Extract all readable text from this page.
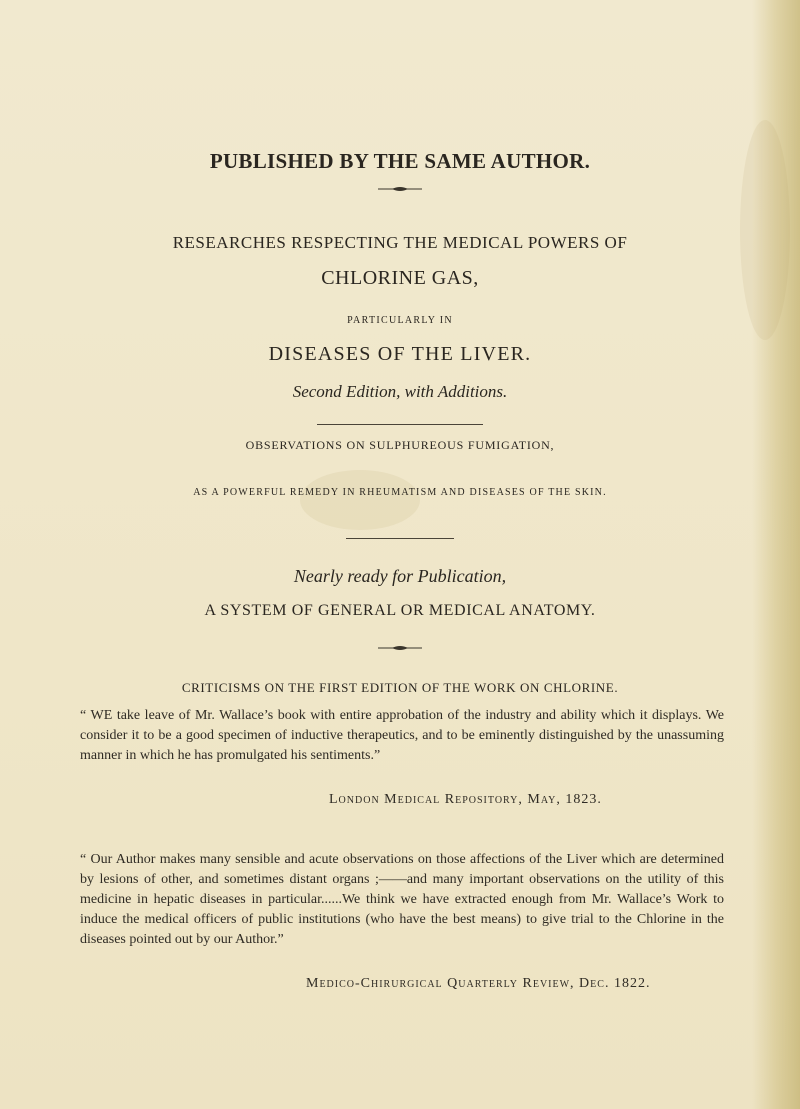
PUBLISHED BY THE SAME AUTHOR.
RESEARCHES RESPECTING THE MEDICAL POWERS OF
CHLORINE GAS,
PARTICULARLY IN
DISEASES OF THE LIVER.
Second Edition, with Additions.
OBSERVATIONS ON SULPHUREOUS FUMIGATION,
AS A POWERFUL REMEDY IN RHEUMATISM AND DISEASES OF THE SKIN.
Nearly ready for Publication,
A SYSTEM OF GENERAL OR MEDICAL ANATOMY.
CRITICISMS ON THE FIRST EDITION OF THE WORK ON CHLORINE.
“ WE take leave of Mr. Wallace’s book with entire approbation of the industry and ability which it displays. We consider it to be a good specimen of inductive therapeutics, and to be eminently distinguished by the unassuming manner in which he has promulgated his sentiments.”
London Medical Repository, May, 1823.
“ Our Author makes many sensible and acute observations on those affections of the Liver which are determined by lesions of other, and sometimes distant organs ;——and many important observations on the utility of this medicine in hepatic diseases in particular......We think we have extracted enough from Mr. Wallace’s Work to induce the medical officers of public institutions (who have the best means) to give trial to the Chlorine in the diseases pointed out by our Author.”
Medico-Chirurgical Quarterly Review, Dec. 1822.
